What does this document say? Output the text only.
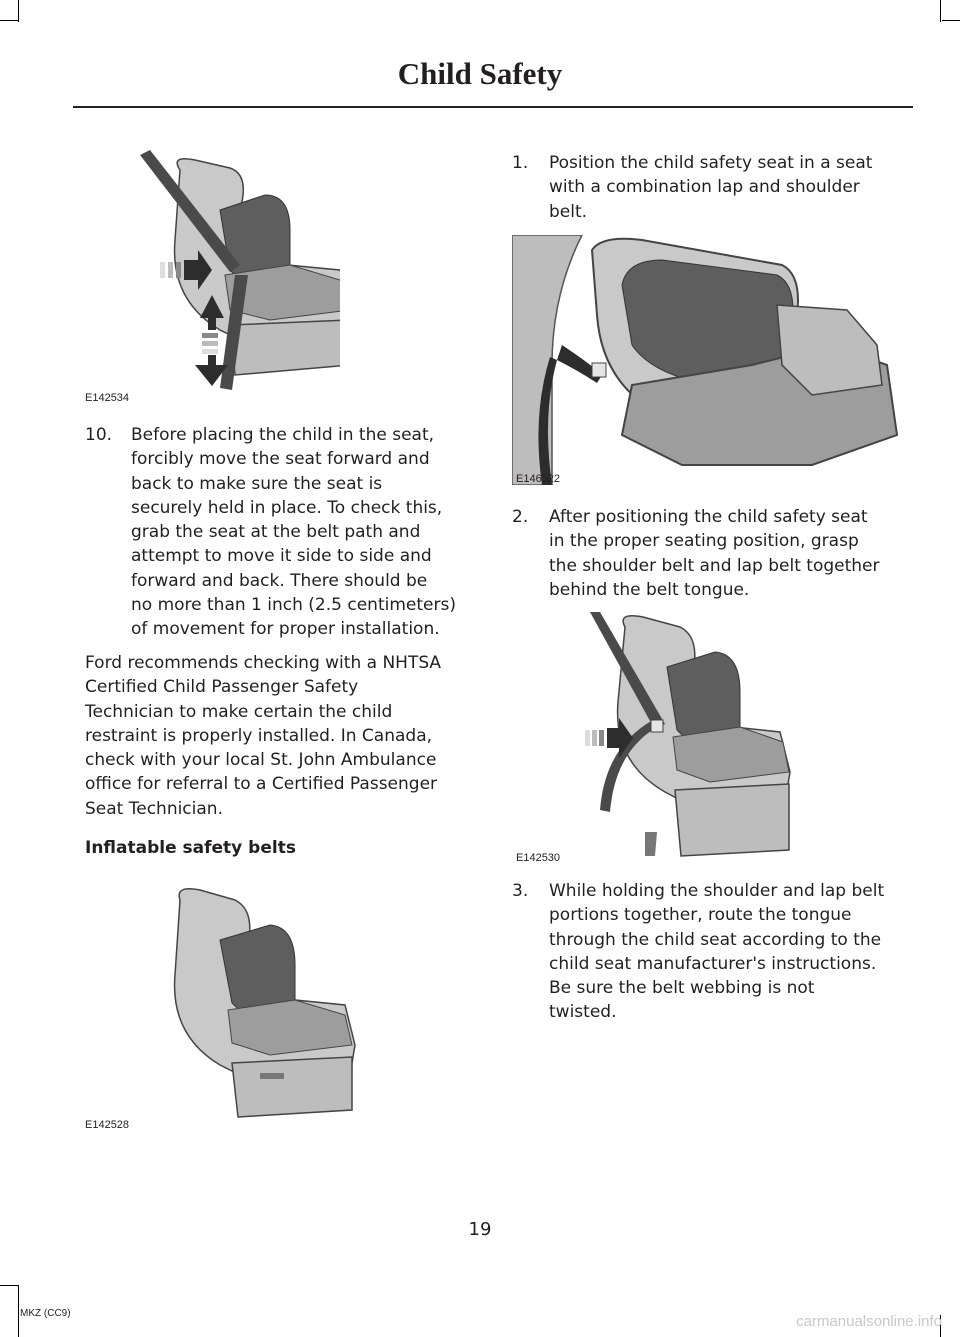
Child Safety
E142534
10. Before placing the child in the seat,
forcibly move the seat forward and
back to make sure the seat is
securely held in place. To check this,
grab the seat at the belt path and
attempt to move it side to side and
forward and back. There should be
no more than 1 inch (2.5 centimeters)
of movement for proper installation.
Ford recommends checking with a NHTSA
Certified Child Passenger Safety
Technician to make certain the child
restraint is properly installed. In Canada,
check with your local St. John Ambulance
office for referral to a Certified Passenger
Seat Technician.
Inflatable safety belts
E142528
1. Position the child safety seat in a seat
with a combination lap and shoulder
belt.
E146522
2. After positioning the child safety seat
in the proper seating position, grasp
the shoulder belt and lap belt together
behind the belt tongue.
E142530
3. While holding the shoulder and lap belt
portions together, route the tongue
through the child seat according to the
child seat manufacturer's instructions.
Be sure the belt webbing is not
twisted.
19
MKZ (CC9)	carmanualsonline.info
